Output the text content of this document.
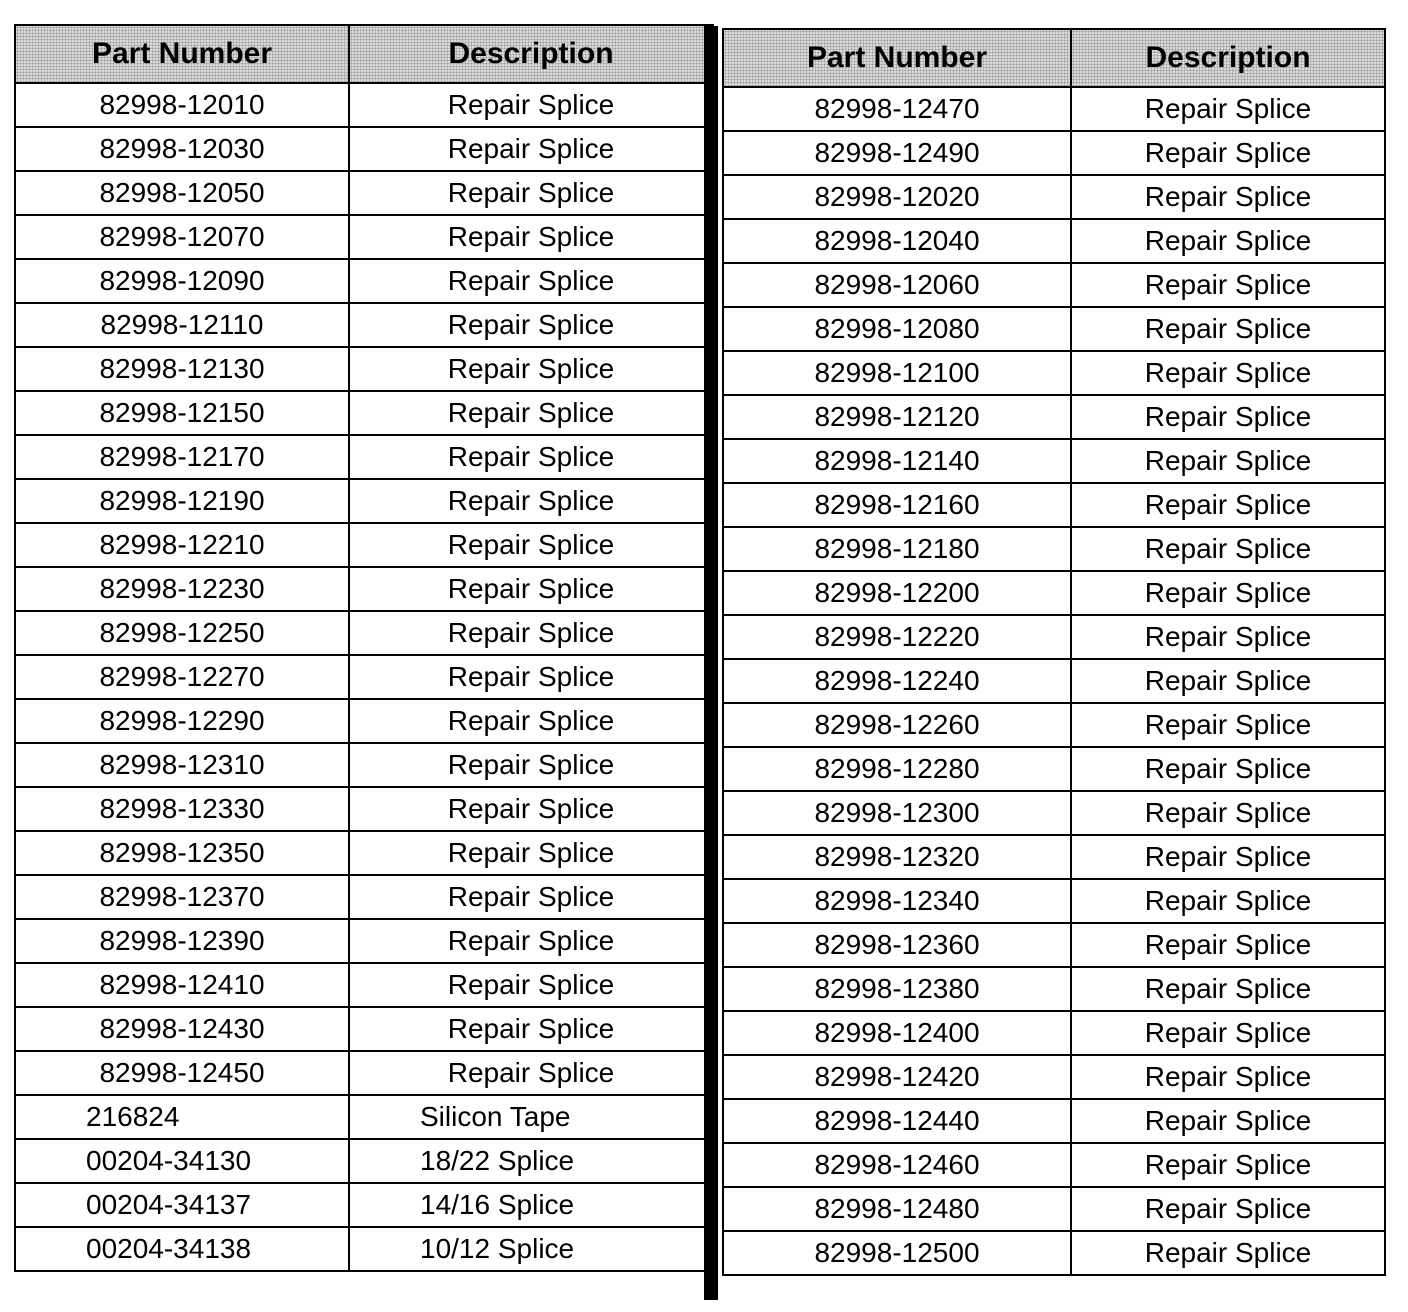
Part Number	Description
82998-12010	Repair Splice
82998-12030	Repair Splice
82998-12050	Repair Splice
82998-12070	Repair Splice
82998-12090	Repair Splice
82998-12110	Repair Splice
82998-12130	Repair Splice
82998-12150	Repair Splice
82998-12170	Repair Splice
82998-12190	Repair Splice
82998-12210	Repair Splice
82998-12230	Repair Splice
82998-12250	Repair Splice
82998-12270	Repair Splice
82998-12290	Repair Splice
82998-12310	Repair Splice
82998-12330	Repair Splice
82998-12350	Repair Splice
82998-12370	Repair Splice
82998-12390	Repair Splice
82998-12410	Repair Splice
82998-12430	Repair Splice
82998-12450	Repair Splice
216824	Silicon Tape
00204-34130	18/22 Splice
00204-34137	14/16 Splice
00204-34138	10/12 Splice
Part Number	Description
82998-12470	Repair Splice
82998-12490	Repair Splice
82998-12020	Repair Splice
82998-12040	Repair Splice
82998-12060	Repair Splice
82998-12080	Repair Splice
82998-12100	Repair Splice
82998-12120	Repair Splice
82998-12140	Repair Splice
82998-12160	Repair Splice
82998-12180	Repair Splice
82998-12200	Repair Splice
82998-12220	Repair Splice
82998-12240	Repair Splice
82998-12260	Repair Splice
82998-12280	Repair Splice
82998-12300	Repair Splice
82998-12320	Repair Splice
82998-12340	Repair Splice
82998-12360	Repair Splice
82998-12380	Repair Splice
82998-12400	Repair Splice
82998-12420	Repair Splice
82998-12440	Repair Splice
82998-12460	Repair Splice
82998-12480	Repair Splice
82998-12500	Repair Splice
